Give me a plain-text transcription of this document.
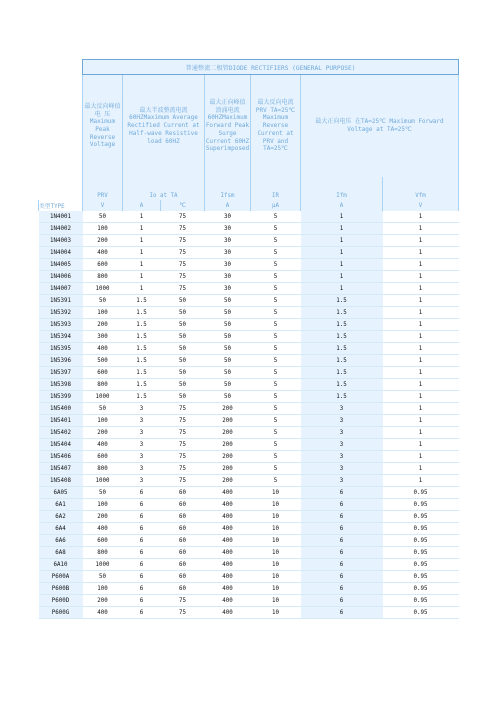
	普通整流二极管DIODE RECTIFIERS (GENERAL PURPOSE)						
	最大反向峰值 电 压 Maximum Peak Reverse Voltage	最大半波整流电流 60HZMaximum Average Rectified Current at Half-wave Resistive load 60HZ		最大正向峰值 浪涌电流 60HZMaximum Forward Peak Surge Current 60HZ Superimposed	最大反向电流 PRV TA=25℃ Maximum Reverse Current at PRV and TA=25℃	最大正向电压 在TA=25℃ Maximum Forward Voltage at TA=25℃	

	PRV	Io at TA		Ifsm	IR	Ifm	Vfm
类型TYPE	V	A	℃	A	μA	A	V
1N4001	50	1	75	30	5	1	1
1N4002	100	1	75	30	5	1	1
1N4003	200	1	75	30	5	1	1
1N4004	400	1	75	30	5	1	1
1N4005	600	1	75	30	5	1	1
1N4006	800	1	75	30	5	1	1
1N4007	1000	1	75	30	5	1	1
1N5391	50	1.5	50	50	5	1.5	1
1N5392	100	1.5	50	50	5	1.5	1
1N5393	200	1.5	50	50	5	1.5	1
1N5394	300	1.5	50	50	5	1.5	1
1N5395	400	1.5	50	50	5	1.5	1
1N5396	500	1.5	50	50	5	1.5	1
1N5397	600	1.5	50	50	5	1.5	1
1N5398	800	1.5	50	50	5	1.5	1
1N5399	1000	1.5	50	50	5	1.5	1
1N5400	50	3	75	200	5	3	1
1N5401	100	3	75	200	5	3	1
1N5402	200	3	75	200	5	3	1
1N5404	400	3	75	200	5	3	1
1N5406	600	3	75	200	5	3	1
1N5407	800	3	75	200	5	3	1
1N5408	1000	3	75	200	5	3	1
6A05	50	6	60	400	10	6	0.95
6A1	100	6	60	400	10	6	0.95
6A2	200	6	60	400	10	6	0.95
6A4	400	6	60	400	10	6	0.95
6A6	600	6	60	400	10	6	0.95
6A8	800	6	60	400	10	6	0.95
6A10	1000	6	60	400	10	6	0.95
P600A	50	6	60	400	10	6	0.95
P600B	100	6	60	400	10	6	0.95
P600D	200	6	75	400	10	6	0.95
P600G	400	6	75	400	10	6	0.95
